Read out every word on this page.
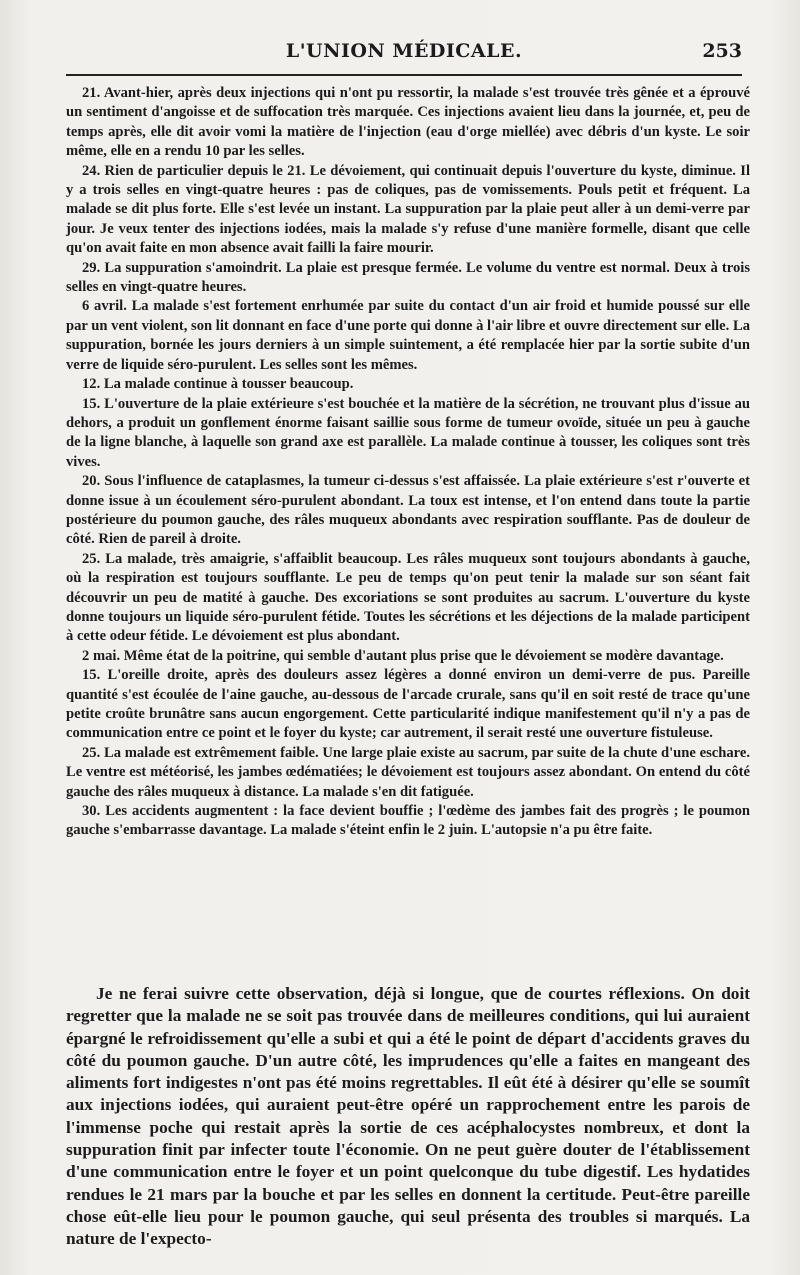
L'UNION MÉDICALE.	253

21. Avant-hier, après deux injections qui n'ont pu ressortir, la malade s'est trouvée très gênée et a éprouvé un sentiment d'angoisse et de suffocation très marquée. Ces injections avaient lieu dans la journée, et, peu de temps après, elle dit avoir vomi la matière de l'injection (eau d'orge miellée) avec débris d'un kyste. Le soir même, elle en a rendu 10 par les selles.

24. Rien de particulier depuis le 21. Le dévoiement, qui continuait depuis l'ouverture du kyste, diminue. Il y a trois selles en vingt-quatre heures : pas de coliques, pas de vomissements. Pouls petit et fréquent. La malade se dit plus forte. Elle s'est levée un instant. La suppuration par la plaie peut aller à un demi-verre par jour. Je veux tenter des injections iodées, mais la malade s'y refuse d'une manière formelle, disant que celle qu'on avait faite en mon absence avait failli la faire mourir.

29. La suppuration s'amoindrit. La plaie est presque fermée. Le volume du ventre est normal. Deux à trois selles en vingt-quatre heures.

6 avril. La malade s'est fortement enrhumée par suite du contact d'un air froid et humide poussé sur elle par un vent violent, son lit donnant en face d'une porte qui donne à l'air libre et ouvre directement sur elle. La suppuration, bornée les jours derniers à un simple suintement, a été remplacée hier par la sortie subite d'un verre de liquide séro-purulent. Les selles sont les mêmes.

12. La malade continue à tousser beaucoup.

15. L'ouverture de la plaie extérieure s'est bouchée et la matière de la sécrétion, ne trouvant plus d'issue au dehors, a produit un gonflement énorme faisant saillie sous forme de tumeur ovoïde, située un peu à gauche de la ligne blanche, à laquelle son grand axe est parallèle. La malade continue à tousser, les coliques sont très vives.

20. Sous l'influence de cataplasmes, la tumeur ci-dessus s'est affaissée. La plaie extérieure s'est r'ouverte et donne issue à un écoulement séro-purulent abondant. La toux est intense, et l'on entend dans toute la partie postérieure du poumon gauche, des râles muqueux abondants avec respiration soufflante. Pas de douleur de côté. Rien de pareil à droite.

25. La malade, très amaigrie, s'affaiblit beaucoup. Les râles muqueux sont toujours abondants à gauche, où la respiration est toujours soufflante. Le peu de temps qu'on peut tenir la malade sur son séant fait découvrir un peu de matité à gauche. Des excoriations se sont produites au sacrum. L'ouverture du kyste donne toujours un liquide séro-purulent fétide. Toutes les sécrétions et les déjections de la malade participent à cette odeur fétide. Le dévoiement est plus abondant.

2 mai. Même état de la poitrine, qui semble d'autant plus prise que le dévoiement se modère davantage.

15. L'oreille droite, après des douleurs assez légères a donné environ un demi-verre de pus. Pareille quantité s'est écoulée de l'aine gauche, au-dessous de l'arcade crurale, sans qu'il en soit resté de trace qu'une petite croûte brunâtre sans aucun engorgement. Cette particularité indique manifestement qu'il n'y a pas de communication entre ce point et le foyer du kyste; car autrement, il serait resté une ouverture fistuleuse.

25. La malade est extrêmement faible. Une large plaie existe au sacrum, par suite de la chute d'une eschare. Le ventre est météorisé, les jambes œdématiées; le dévoiement est toujours assez abondant. On entend du côté gauche des râles muqueux à distance. La malade s'en dit fatiguée.

30. Les accidents augmentent : la face devient bouffie ; l'œdème des jambes fait des progrès ; le poumon gauche s'embarrasse davantage. La malade s'éteint enfin le 2 juin. L'autopsie n'a pu être faite.

Je ne ferai suivre cette observation, déjà si longue, que de courtes réflexions. On doit regretter que la malade ne se soit pas trouvée dans de meilleures conditions, qui lui auraient épargné le refroidissement qu'elle a subi et qui a été le point de départ d'accidents graves du côté du poumon gauche. D'un autre côté, les imprudences qu'elle a faites en mangeant des aliments fort indigestes n'ont pas été moins regrettables. Il eût été à désirer qu'elle se soumît aux injections iodées, qui auraient peut-être opéré un rapprochement entre les parois de l'immense poche qui restait après la sortie de ces acéphalocystes nombreux, et dont la suppuration finit par infecter toute l'économie. On ne peut guère douter de l'établissement d'une communication entre le foyer et un point quelconque du tube digestif. Les hydatides rendues le 21 mars par la bouche et par les selles en donnent la certitude. Peut-être pareille chose eût-elle lieu pour le poumon gauche, qui seul présenta des troubles si marqués. La nature de l'expecto-
